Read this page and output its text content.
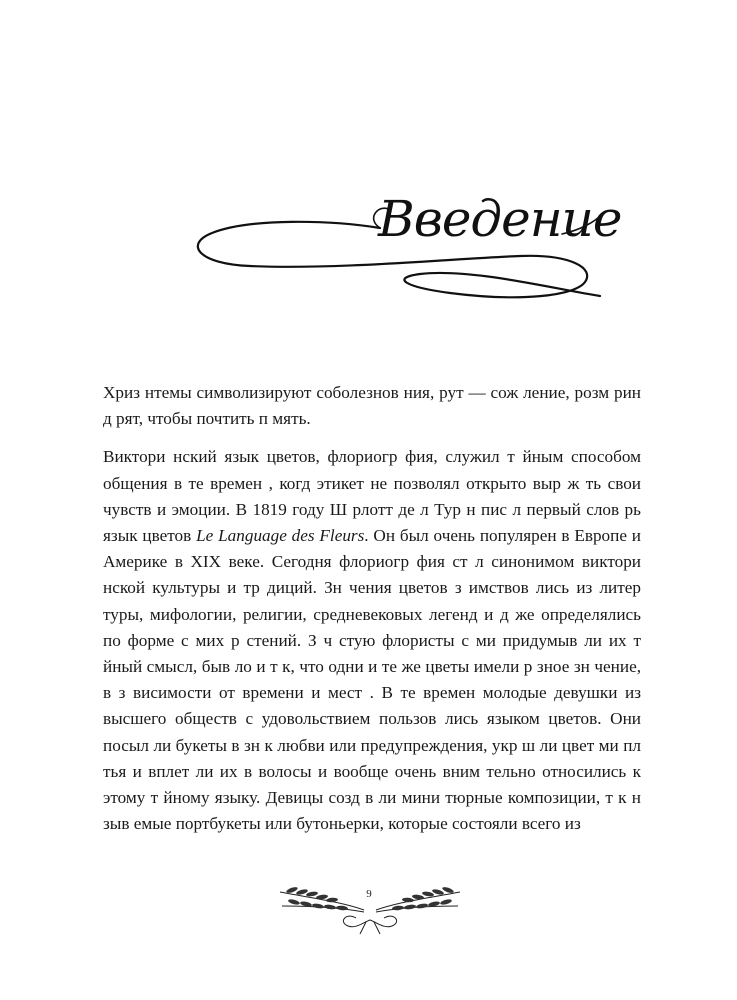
Введение

Хриз нтемы символизируют соболезнов ния, рут — сож ление, розм рин д рят, чтобы почтить п мять.

Виктори нский язык цветов, флориогр фия, служил т йным способом общения в те времен , когд этикет не позволял открыто выр ж ть свои чувств и эмоции. В 1819 году Ш рлотт де л Тур н пис л первый слов рь язык цветов Le Language des Fleurs. Он был очень популярен в Европе и Америке в XIX веке. Сегодня флориогр фия ст л синонимом виктори нской культуры и тр диций. Зн чения цветов з имствов лись из литер туры, мифологии, религии, средневековых легенд и д же определялись по форме с мих р стений. З ч стую флористы с ми придумыв ли их т йный смысл, быв ло и т к, что одни и те же цветы имели р зное зн чение, в з висимости от времени и мест . В те времен молодые девушки из высшего обществ с удовольствием пользов лись языком цветов. Они посыл ли букеты в зн к любви или предупреждения, укр ш ли цвет ми пл тья и вплет ли их в волосы и вообще очень вним тельно относились к этому т йному языку. Девицы созд в ли мини тюрные композиции, т к н зыв емые портбукеты или бутоньерки, которые состояли всего из

9
